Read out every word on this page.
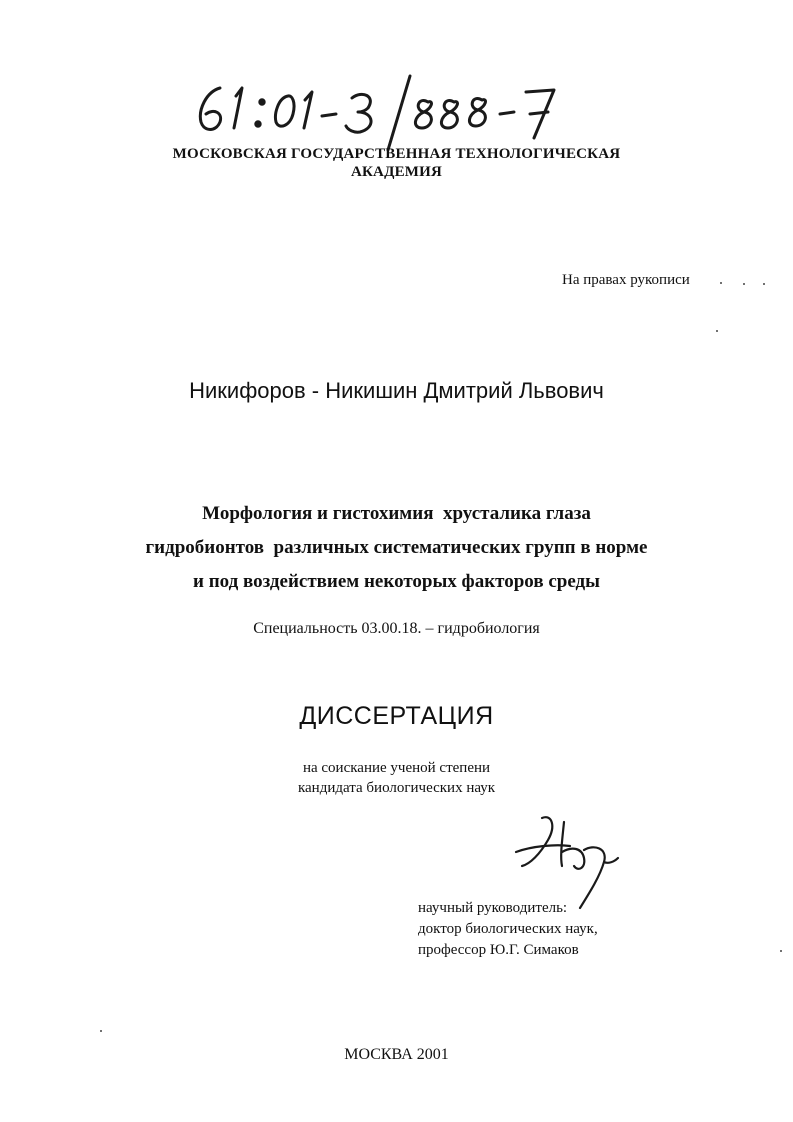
МОСКОВСКАЯ ГОСУДАРСТВЕННАЯ ТЕХНОЛОГИЧЕСКАЯ
АКАДЕМИЯ
На правах рукописи
Никифоров - Никишин Дмитрий Львович
Морфология и гистохимия  хрусталика глаза
гидробионтов  различных систематических групп в норме
и под воздействием некоторых факторов среды
Специальность 03.00.18. – гидробиология
ДИССЕРТАЦИЯ
на соискание ученой степени
кандидата биологических наук
научный руководитель:
доктор биологических наук,
профессор Ю.Г. Симаков
МОСКВА 2001
